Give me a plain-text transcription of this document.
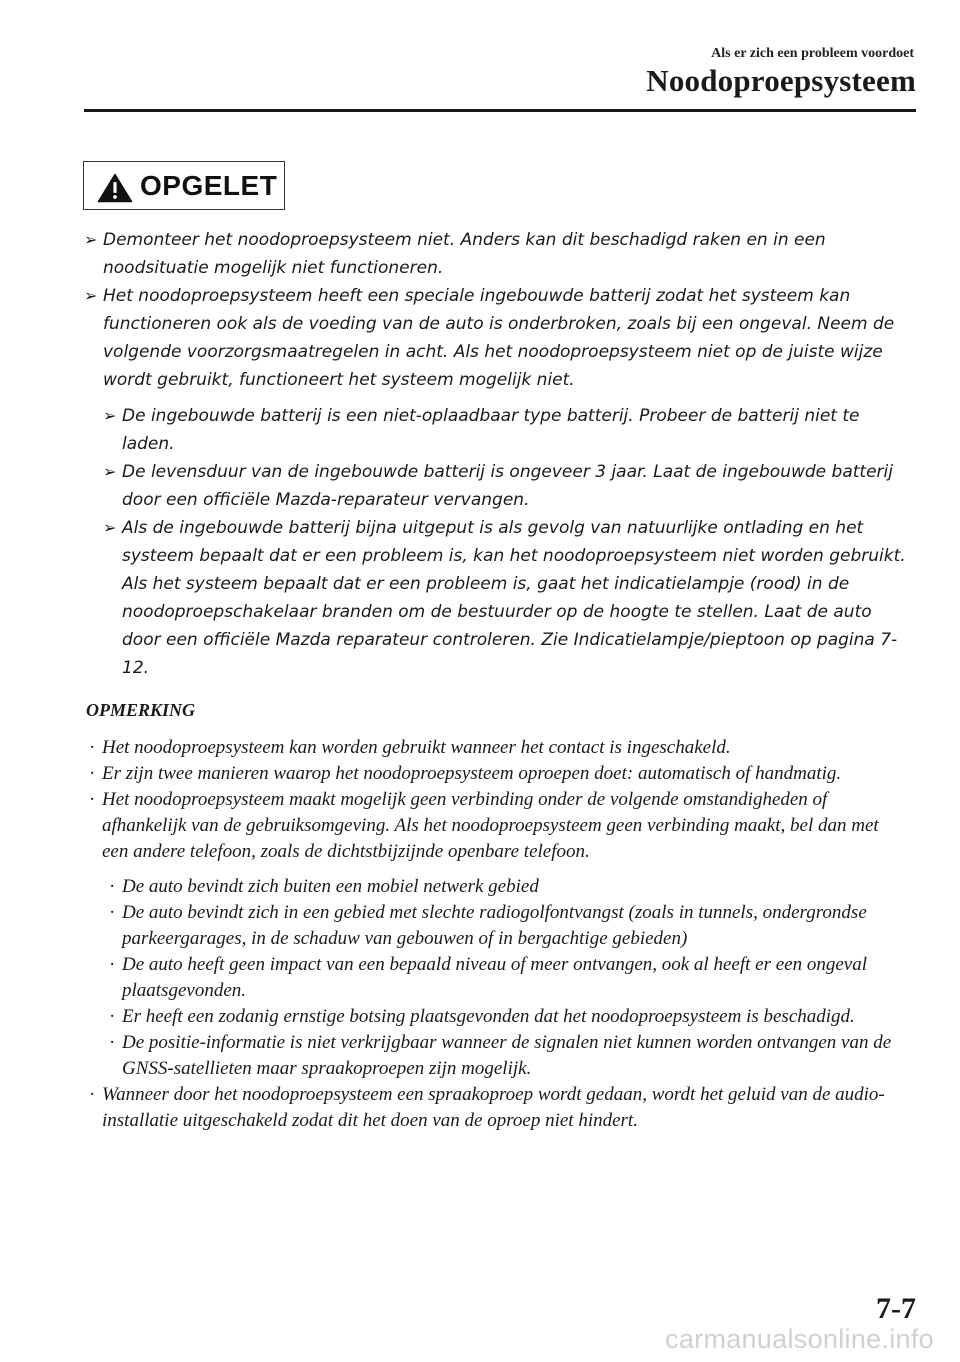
Als er zich een probleem voordoet
Noodoproepsysteem
OPGELET
➢ Demonteer het noodoproepsysteem niet. Anders kan dit beschadigd raken en in een noodsituatie mogelijk niet functioneren.
➢ Het noodoproepsysteem heeft een speciale ingebouwde batterij zodat het systeem kan functioneren ook als de voeding van de auto is onderbroken, zoals bij een ongeval. Neem de volgende voorzorgsmaatregelen in acht. Als het noodoproepsysteem niet op de juiste wijze wordt gebruikt, functioneert het systeem mogelijk niet.
➢ De ingebouwde batterij is een niet-oplaadbaar type batterij. Probeer de batterij niet te laden.
➢ De levensduur van de ingebouwde batterij is ongeveer 3 jaar. Laat de ingebouwde batterij door een officiële Mazda-reparateur vervangen.
➢ Als de ingebouwde batterij bijna uitgeput is als gevolg van natuurlijke ontlading en het systeem bepaalt dat er een probleem is, kan het noodoproepsysteem niet worden gebruikt. Als het systeem bepaalt dat er een probleem is, gaat het indicatielampje (rood) in de noodoproepschakelaar branden om de bestuurder op de hoogte te stellen. Laat de auto door een officiële Mazda reparateur controleren. Zie Indicatielampje/pieptoon op pagina 7-12.
OPMERKING
· Het noodoproepsysteem kan worden gebruikt wanneer het contact is ingeschakeld.
· Er zijn twee manieren waarop het noodoproepsysteem oproepen doet: automatisch of handmatig.
· Het noodoproepsysteem maakt mogelijk geen verbinding onder de volgende omstandigheden of afhankelijk van de gebruiksomgeving. Als het noodoproepsysteem geen verbinding maakt, bel dan met een andere telefoon, zoals de dichtstbijzijnde openbare telefoon.
· De auto bevindt zich buiten een mobiel netwerk gebied
· De auto bevindt zich in een gebied met slechte radiogolfontvangst (zoals in tunnels, ondergrondse parkeergarages, in de schaduw van gebouwen of in bergachtige gebieden)
· De auto heeft geen impact van een bepaald niveau of meer ontvangen, ook al heeft er een ongeval plaatsgevonden.
· Er heeft een zodanig ernstige botsing plaatsgevonden dat het noodoproepsysteem is beschadigd.
· De positie-informatie is niet verkrijgbaar wanneer de signalen niet kunnen worden ontvangen van de GNSS-satellieten maar spraakoproepen zijn mogelijk.
· Wanneer door het noodoproepsysteem een spraakoproep wordt gedaan, wordt het geluid van de audio-installatie uitgeschakeld zodat dit het doen van de oproep niet hindert.
7-7
carmanualsonline.info
